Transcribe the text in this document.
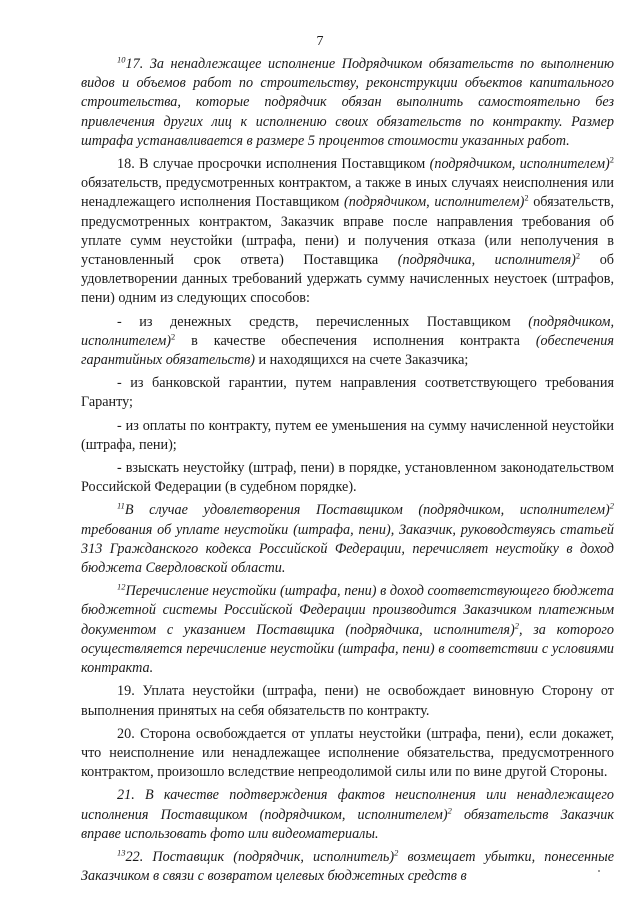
7

$^{10}$17. За ненадлежащее исполнение Подрядчиком обязательств по выполнению видов и объемов работ по строительству, реконструкции объектов капитального строительства, которые подрядчик обязан выполнить самостоятельно без привлечения других лиц к исполнению своих обязательств по контракту. Размер штрафа устанавливается в размере 5 процентов стоимости указанных работ.

18. В случае просрочки исполнения Поставщиком (подрядчиком, исполнителем)$^2$ обязательств, предусмотренных контрактом, а также в иных случаях неисполнения или ненадлежащего исполнения Поставщиком (подрядчиком, исполнителем)$^2$ обязательств, предусмотренных контрактом, Заказчик вправе после направления требования об уплате сумм неустойки (штрафа, пени) и получения отказа (или неполучения в установленный срок ответа) Поставщика (подрядчика, исполнителя)$^2$ об удовлетворении данных требований удержать сумму начисленных неустоек (штрафов, пени) одним из следующих способов:

- из денежных средств, перечисленных Поставщиком (подрядчиком, исполнителем)$^2$ в качестве обеспечения исполнения контракта (обеспечения гарантийных обязательств) и находящихся на счете Заказчика;

- из банковской гарантии, путем направления соответствующего требования Гаранту;

- из оплаты по контракту, путем ее уменьшения на сумму начисленной неустойки (штрафа, пени);

- взыскать неустойку (штраф, пени) в порядке, установленном законодательством Российской Федерации (в судебном порядке).

$^{11}$В случае удовлетворения Поставщиком (подрядчиком, исполнителем)$^2$ требования об уплате неустойки (штрафа, пени), Заказчик, руководствуясь статьей 313 Гражданского кодекса Российской Федерации, перечисляет неустойку в доход бюджета Свердловской области.

$^{12}$Перечисление неустойки (штрафа, пени) в доход соответствующего бюджета бюджетной системы Российской Федерации производится Заказчиком платежным документом с указанием Поставщика (подрядчика, исполнителя)$^2$, за которого осуществляется перечисление неустойки (штрафа, пени) в соответствии с условиями контракта.

19. Уплата неустойки (штрафа, пени) не освобождает виновную Сторону от выполнения принятых на себя обязательств по контракту.

20. Сторона освобождается от уплаты неустойки (штрафа, пени), если докажет, что неисполнение или ненадлежащее исполнение обязательства, предусмотренного контрактом, произошло вследствие непреодолимой силы или по вине другой Стороны.

21. В качестве подтверждения фактов неисполнения или ненадлежащего исполнения Поставщиком (подрядчиком, исполнителем)$^2$ обязательств Заказчик вправе использовать фото или видеоматериалы.

$^{13}$22. Поставщик (подрядчик, исполнитель)$^2$ возмещает убытки, понесенные Заказчиком в связи с возвратом целевых бюджетных средств в
